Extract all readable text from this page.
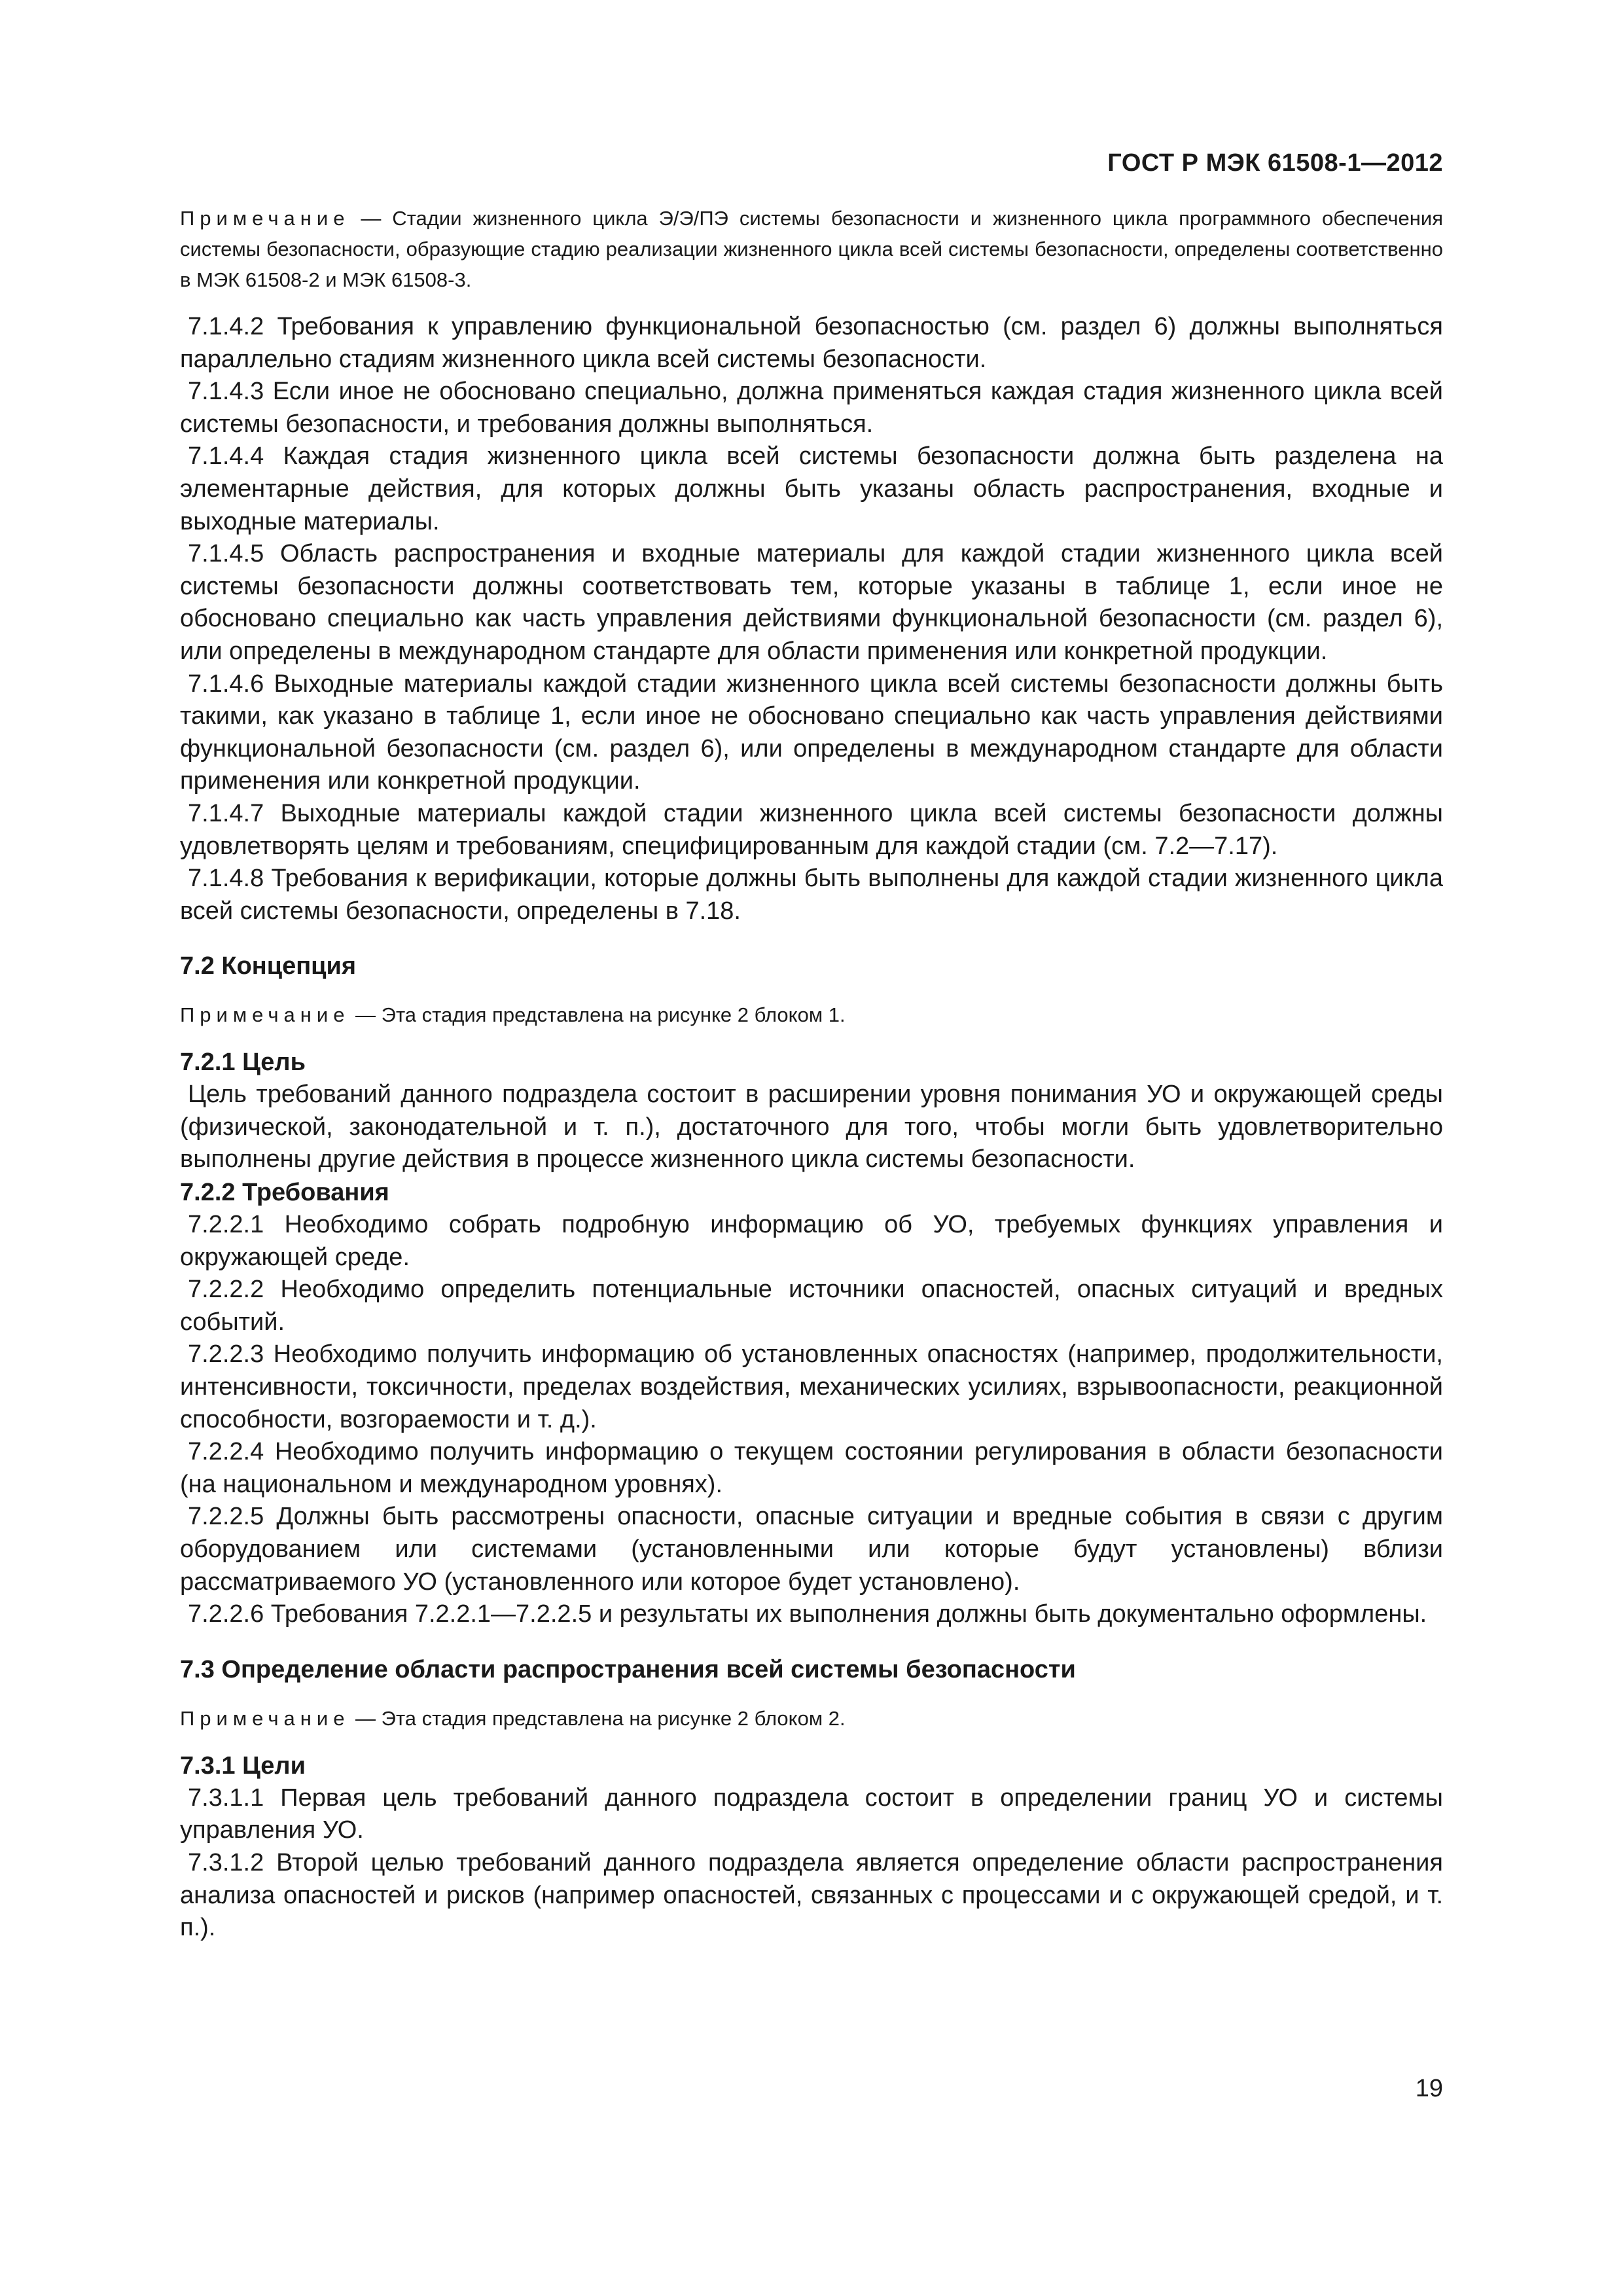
ГОСТ Р МЭК 61508-1—2012

Примечание — Стадии жизненного цикла Э/Э/ПЭ системы безопасности и жизненного цикла программного обеспечения системы безопасности, образующие стадию реализации жизненного цикла всей системы безопасности, определены соответственно в МЭК 61508-2 и МЭК 61508-3.

7.1.4.2 Требования к управлению функциональной безопасностью (см. раздел 6) должны выполняться параллельно стадиям жизненного цикла всей системы безопасности.

7.1.4.3 Если иное не обосновано специально, должна применяться каждая стадия жизненного цикла всей системы безопасности, и требования должны выполняться.

7.1.4.4 Каждая стадия жизненного цикла всей системы безопасности должна быть разделена на элементарные действия, для которых должны быть указаны область распространения, входные и выходные материалы.

7.1.4.5 Область распространения и входные материалы для каждой стадии жизненного цикла всей системы безопасности должны соответствовать тем, которые указаны в таблице 1, если иное не обосновано специально как часть управления действиями функциональной безопасности (см. раздел 6), или определены в международном стандарте для области применения или конкретной продукции.

7.1.4.6 Выходные материалы каждой стадии жизненного цикла всей системы безопасности должны быть такими, как указано в таблице 1, если иное не обосновано специально как часть управления действиями функциональной безопасности (см. раздел 6), или определены в международном стандарте для области применения или конкретной продукции.

7.1.4.7 Выходные материалы каждой стадии жизненного цикла всей системы безопасности должны удовлетворять целям и требованиям, специфицированным для каждой стадии (см. 7.2—7.17).

7.1.4.8 Требования к верификации, которые должны быть выполнены для каждой стадии жизненного цикла всей системы безопасности, определены в 7.18.

7.2 Концепция

Примечание — Эта стадия представлена на рисунке 2 блоком 1.

7.2.1 Цель

Цель требований данного подраздела состоит в расширении уровня понимания УО и окружающей среды (физической, законодательной и т. п.), достаточного для того, чтобы могли быть удовлетворительно выполнены другие действия в процессе жизненного цикла системы безопасности.

7.2.2 Требования

7.2.2.1 Необходимо собрать подробную информацию об УО, требуемых функциях управления и окружающей среде.

7.2.2.2 Необходимо определить потенциальные источники опасностей, опасных ситуаций и вредных событий.

7.2.2.3 Необходимо получить информацию об установленных опасностях (например, продолжительности, интенсивности, токсичности, пределах воздействия, механических усилиях, взрывоопасности, реакционной способности, возгораемости и т. д.).

7.2.2.4 Необходимо получить информацию о текущем состоянии регулирования в области безопасности (на национальном и международном уровнях).

7.2.2.5 Должны быть рассмотрены опасности, опасные ситуации и вредные события в связи с другим оборудованием или системами (установленными или которые будут установлены) вблизи рассматриваемого УО (установленного или которое будет установлено).

7.2.2.6 Требования 7.2.2.1—7.2.2.5 и результаты их выполнения должны быть документально оформлены.

7.3 Определение области распространения всей системы безопасности

Примечание — Эта стадия представлена на рисунке 2 блоком 2.

7.3.1 Цели

7.3.1.1 Первая цель требований данного подраздела состоит в определении границ УО и системы управления УО.

7.3.1.2 Второй целью требований данного подраздела является определение области распространения анализа опасностей и рисков (например опасностей, связанных с процессами и с окружающей средой, и т. п.).

19
